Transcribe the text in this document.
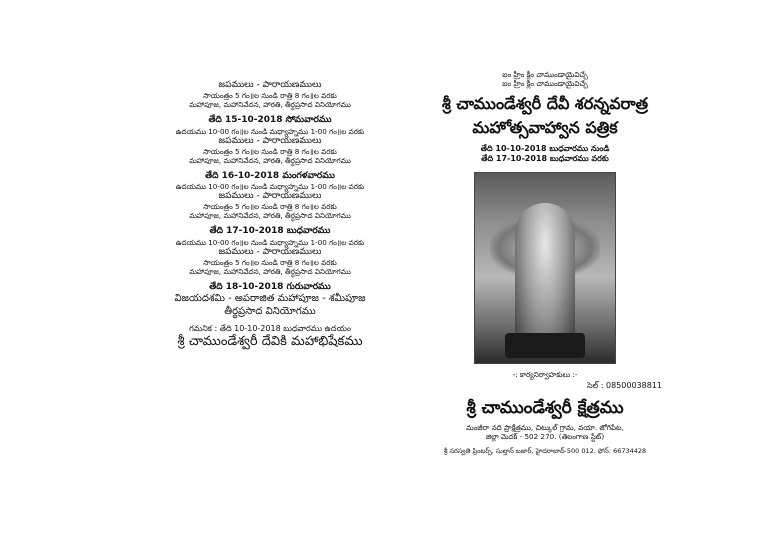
జపములు - పారాయణములు
సాయంత్రం 5 గం॥ల నుండి రాత్రి 8 గం॥ల వరకు
మహాపూజ, మహానివేదన, హారతి, తీర్థప్రసాద వినియోగము
తేది 15-10-2018 సోమవారము
ఉదయము 10-00 గం॥ల నుండి మధ్యాహ్నము 1-00 గం॥ల వరకు
జపములు - పారాయణములు
సాయంత్రం 5 గం॥ల నుండి రాత్రి 8 గం॥ల వరకు
మహాపూజ, మహానివేదన, హారతి, తీర్థప్రసాద వినియోగము
తేది 16-10-2018 మంగళవారము
ఉదయము 10-00 గం॥ల నుండి మధ్యాహ్నము 1-00 గం॥ల వరకు
జపములు - పారాయణములు
సాయంత్రం 5 గం॥ల నుండి రాత్రి 8 గం॥ల వరకు
మహాపూజ, మహానివేదన, హారతి, తీర్థప్రసాద వినియోగము
తేది 17-10-2018 బుధవారము
ఉదయము 10-00 గం॥ల నుండి మధ్యాహ్నము 1-00 గం॥ల వరకు
జపములు - పారాయణములు
సాయంత్రం 5 గం॥ల నుండి రాత్రి 8 గం॥ల వరకు
మహాపూజ, మహానివేదన, హారతి, తీర్థప్రసాద వినియోగము
తేది 18-10-2018 గురువారము
విజయదశమి - అపరాజిత మహాపూజ - శమీపూజ
తీర్థప్రసాద వినియోగము
గమనిక : తేది 10-10-2018 బుధవారము ఉదయం
శ్రీ చాముండేశ్వరీ దేవికి మహాభిషేకము
ఐం హ్రీం క్లీం చాముండాయైవిచ్చే
ఐం హ్రీం క్లీం చాముండాయైవిచ్చే
శ్రీ చాముండేశ్వరీ దేవీ శరన్నవరాత్ర
మహోత్సవాహ్వాన పత్రిక
తేది 10-10-2018 బుధవారము నుండి
తేది 17-10-2018 బుధవారము వరకు
-: కార్యనిర్వాహకులు :-
సెల్ : 08500038811
శ్రీ చాముండేశ్వరీ క్షేత్రము
మంజీరా నది ప్రాక్షేత్రము, చిట్కుల్ గ్రామ, వయా. జోగిపేట,
జిల్లా మెదక్ - 502 270. (తెలంగాణ స్టేట్)
శ్రీ సరస్వతి ప్రింటర్స్, సుల్తాన్ బజార్, హైదరాబాద్-500 012. ఫోన్: 66734428
